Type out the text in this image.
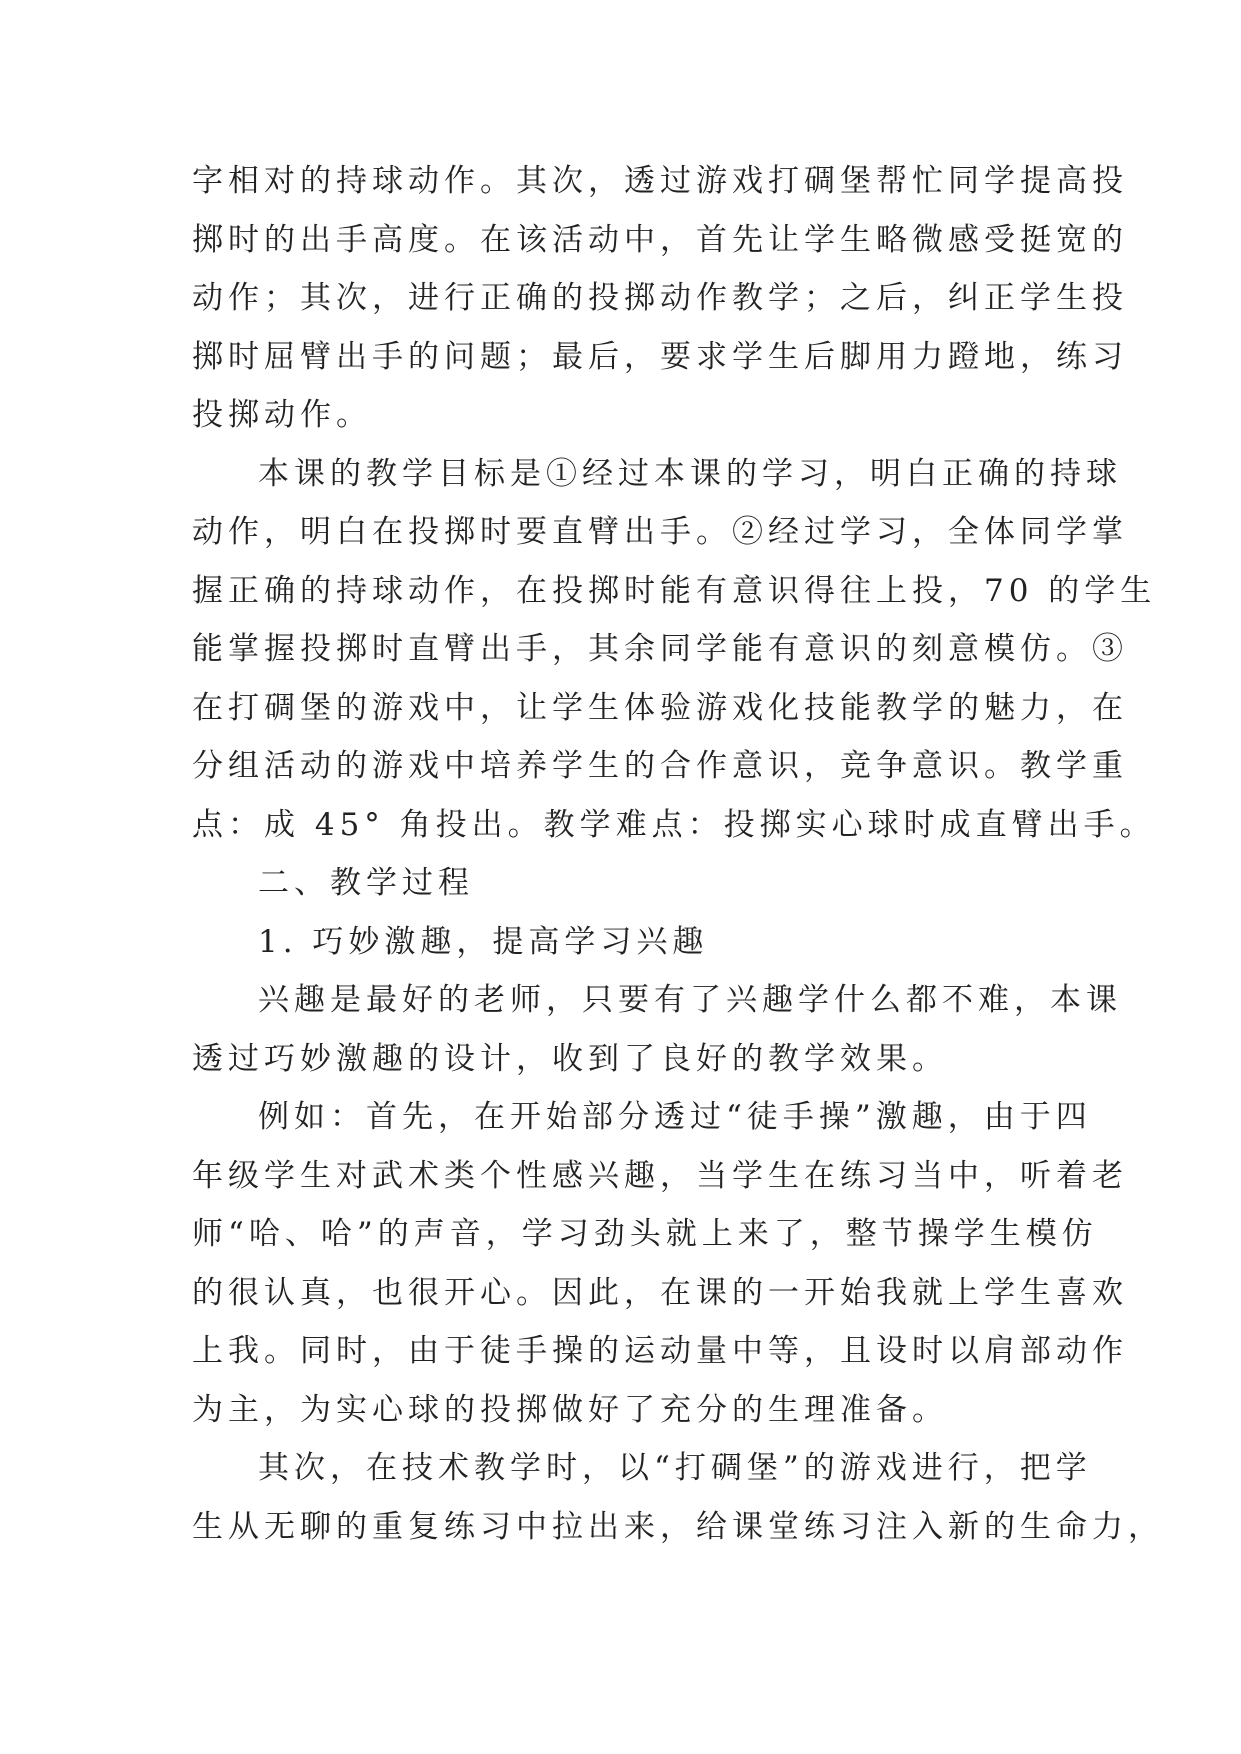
字相对的持球动作。其次，透过游戏打碉堡帮忙同学提高投
掷时的出手高度。在该活动中，首先让学生略微感受挺宽的
动作；其次，进行正确的投掷动作教学；之后，纠正学生投
掷时屈臂出手的问题；最后，要求学生后脚用力蹬地，练习
投掷动作。

本课的教学目标是①经过本课的学习，明白正确的持球
动作，明白在投掷时要直臂出手。②经过学习，全体同学掌
握正确的持球动作，在投掷时能有意识得往上投，70 的学生
能掌握投掷时直臂出手，其余同学能有意识的刻意模仿。③
在打碉堡的游戏中，让学生体验游戏化技能教学的魅力，在
分组活动的游戏中培养学生的合作意识，竞争意识。教学重
点：成 45° 角投出。教学难点：投掷实心球时成直臂出手。

二、教学过程

1. 巧妙激趣，提高学习兴趣

兴趣是最好的老师，只要有了兴趣学什么都不难，本课
透过巧妙激趣的设计，收到了良好的教学效果。

例如：首先，在开始部分透过“徒手操”激趣，由于四
年级学生对武术类个性感兴趣，当学生在练习当中，听着老
师“哈、哈”的声音，学习劲头就上来了，整节操学生模仿
的很认真，也很开心。因此，在课的一开始我就上学生喜欢
上我。同时，由于徒手操的运动量中等，且设时以肩部动作
为主，为实心球的投掷做好了充分的生理准备。

其次，在技术教学时，以“打碉堡”的游戏进行，把学
生从无聊的重复练习中拉出来，给课堂练习注入新的生命力，
